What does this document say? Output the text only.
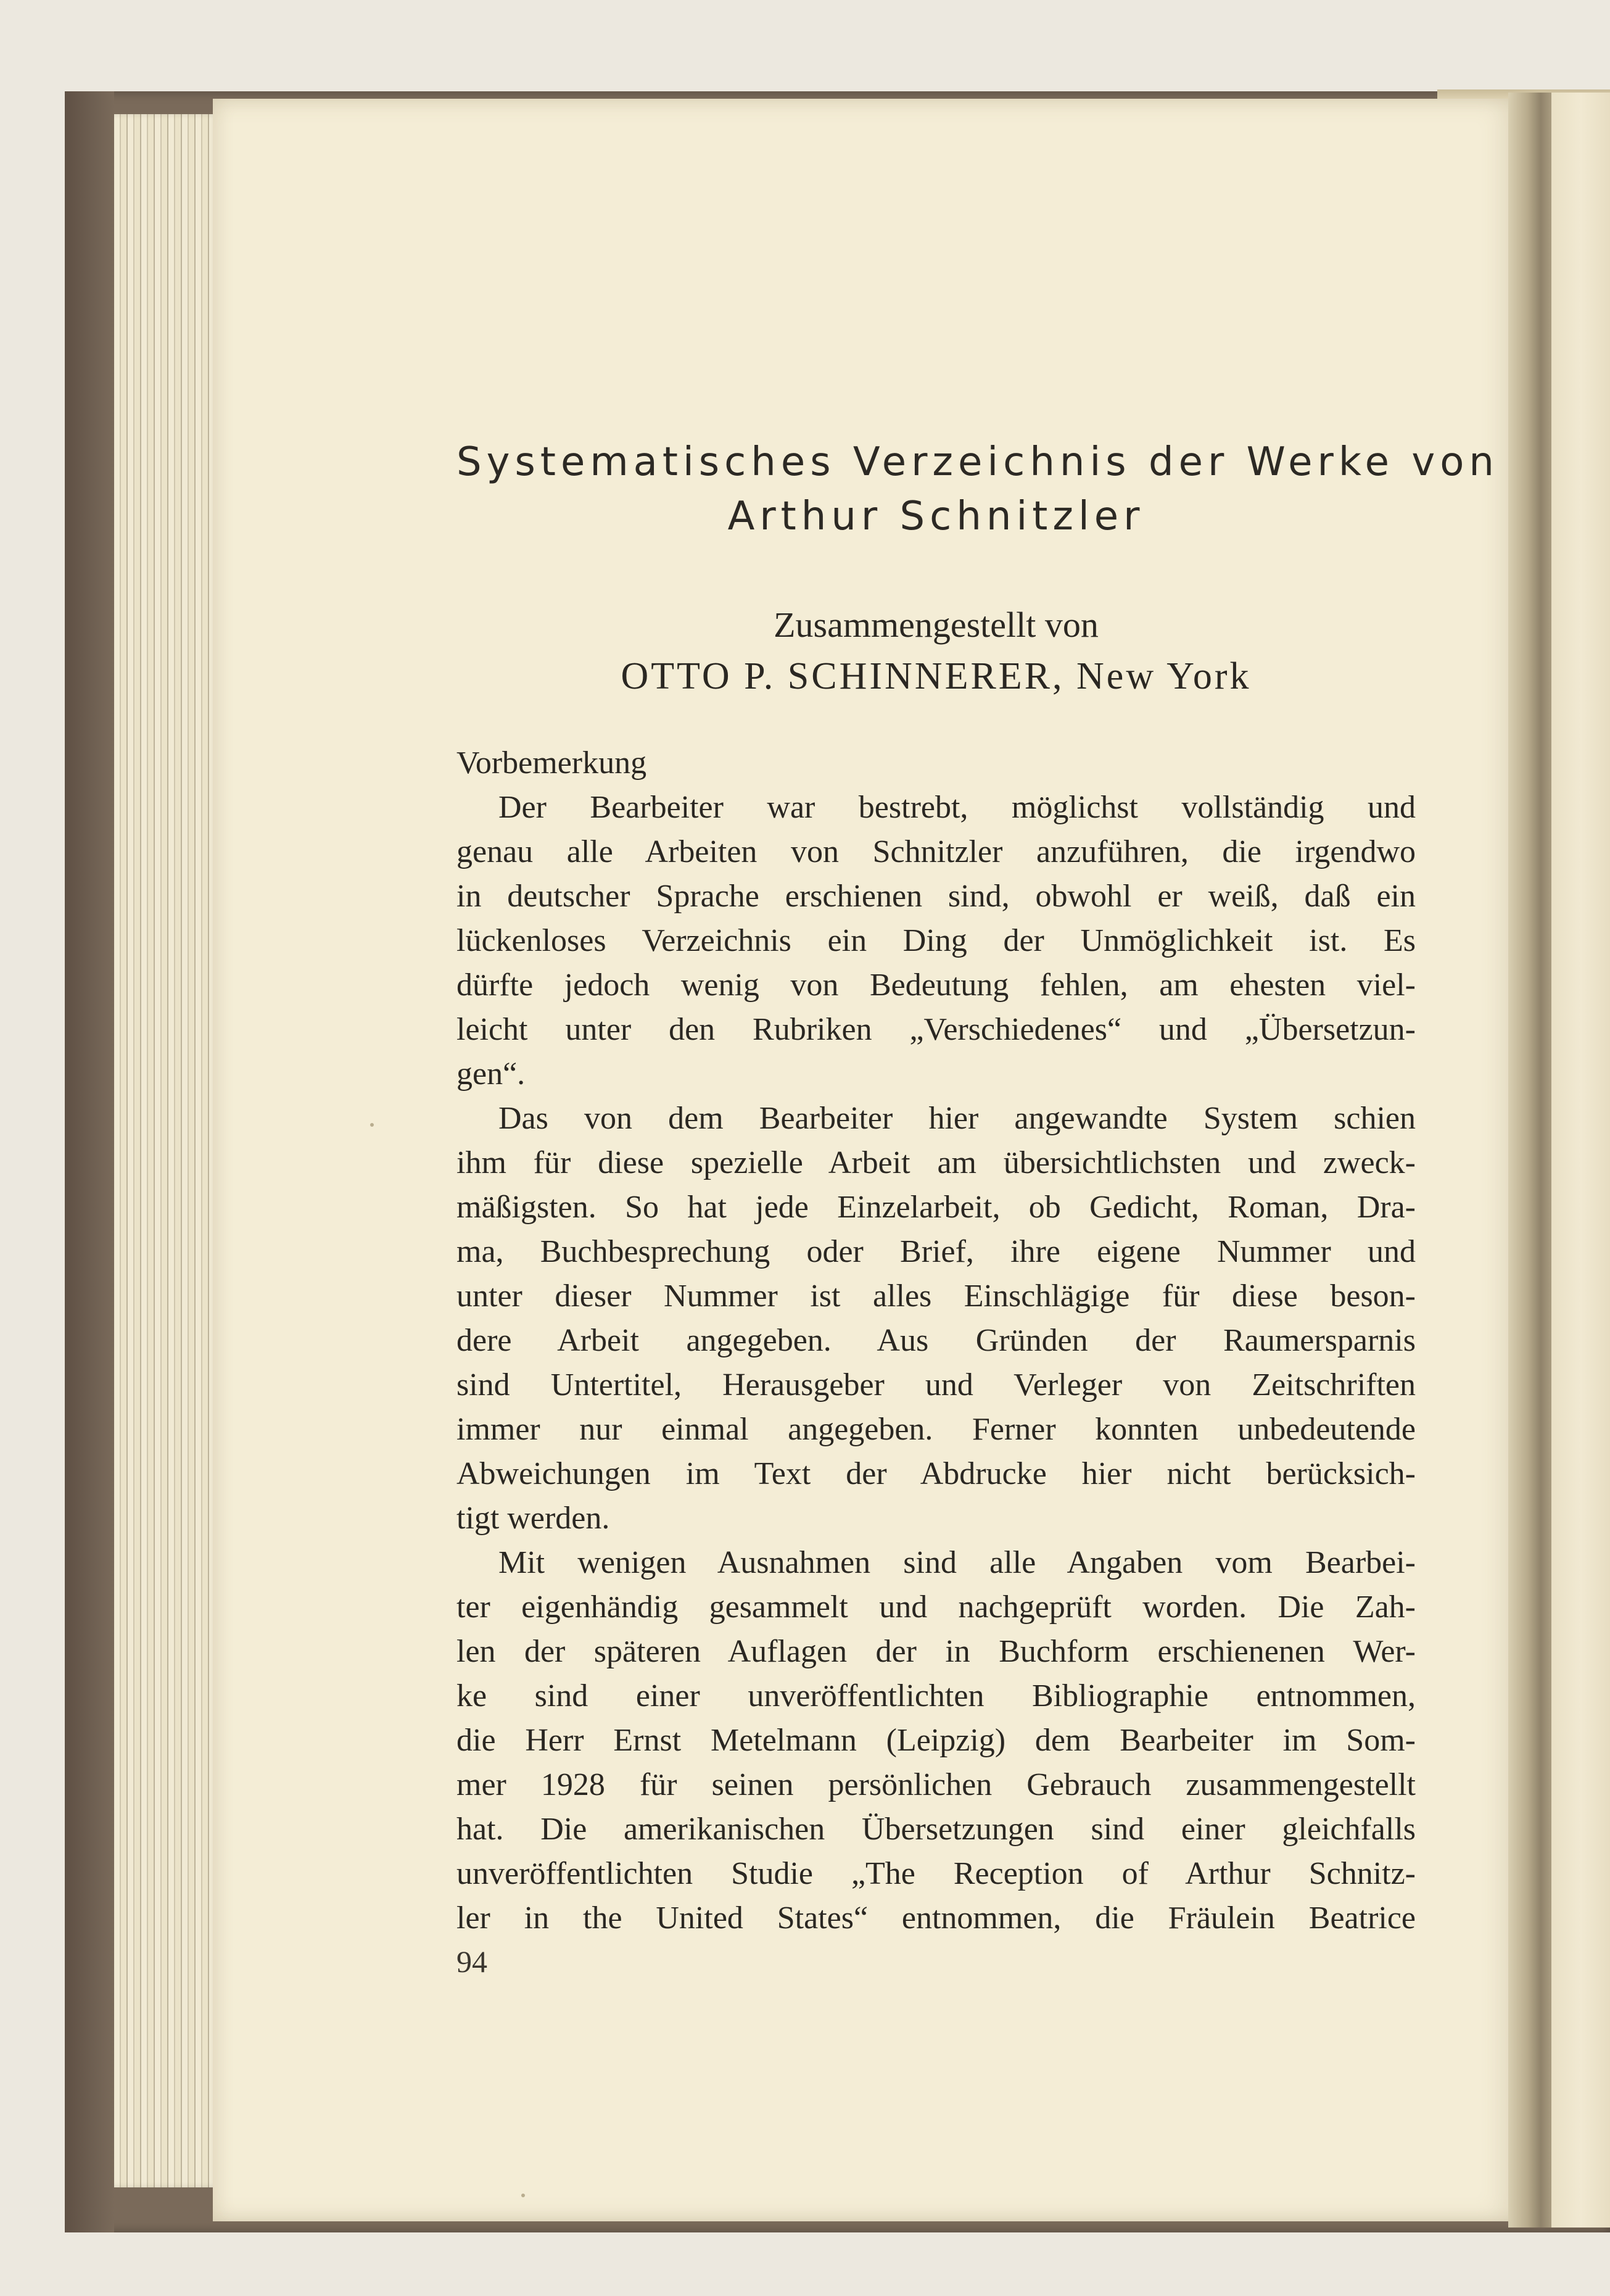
Systematisches Verzeichnis der Werke von
Arthur Schnitzler
Zusammengestellt von
OTTO P. SCHINNERER, New York
Vorbemerkung
Der Bearbeiter war bestrebt, möglichst vollständig und
genau alle Arbeiten von Schnitzler anzuführen, die irgendwo
in deutscher Sprache erschienen sind, obwohl er weiß, daß ein
lückenloses Verzeichnis ein Ding der Unmöglichkeit ist. Es
dürfte jedoch wenig von Bedeutung fehlen, am ehesten viel-
leicht unter den Rubriken „Verschiedenes“ und „Übersetzun-
gen“.
Das von dem Bearbeiter hier angewandte System schien
ihm für diese spezielle Arbeit am übersichtlichsten und zweck-
mäßigsten. So hat jede Einzelarbeit, ob Gedicht, Roman, Dra-
ma, Buchbesprechung oder Brief, ihre eigene Nummer und
unter dieser Nummer ist alles Einschlägige für diese beson-
dere Arbeit angegeben. Aus Gründen der Raumersparnis
sind Untertitel, Herausgeber und Verleger von Zeitschriften
immer nur einmal angegeben. Ferner konnten unbedeutende
Abweichungen im Text der Abdrucke hier nicht berücksich-
tigt werden.
Mit wenigen Ausnahmen sind alle Angaben vom Bearbei-
ter eigenhändig gesammelt und nachgeprüft worden. Die Zah-
len der späteren Auflagen der in Buchform erschienenen Wer-
ke sind einer unveröffentlichten Bibliographie entnommen,
die Herr Ernst Metelmann (Leipzig) dem Bearbeiter im Som-
mer 1928 für seinen persönlichen Gebrauch zusammengestellt
hat. Die amerikanischen Übersetzungen sind einer gleichfalls
unveröffentlichten Studie „The Reception of Arthur Schnitz-
ler in the United States“ entnommen, die Fräulein Beatrice
94
